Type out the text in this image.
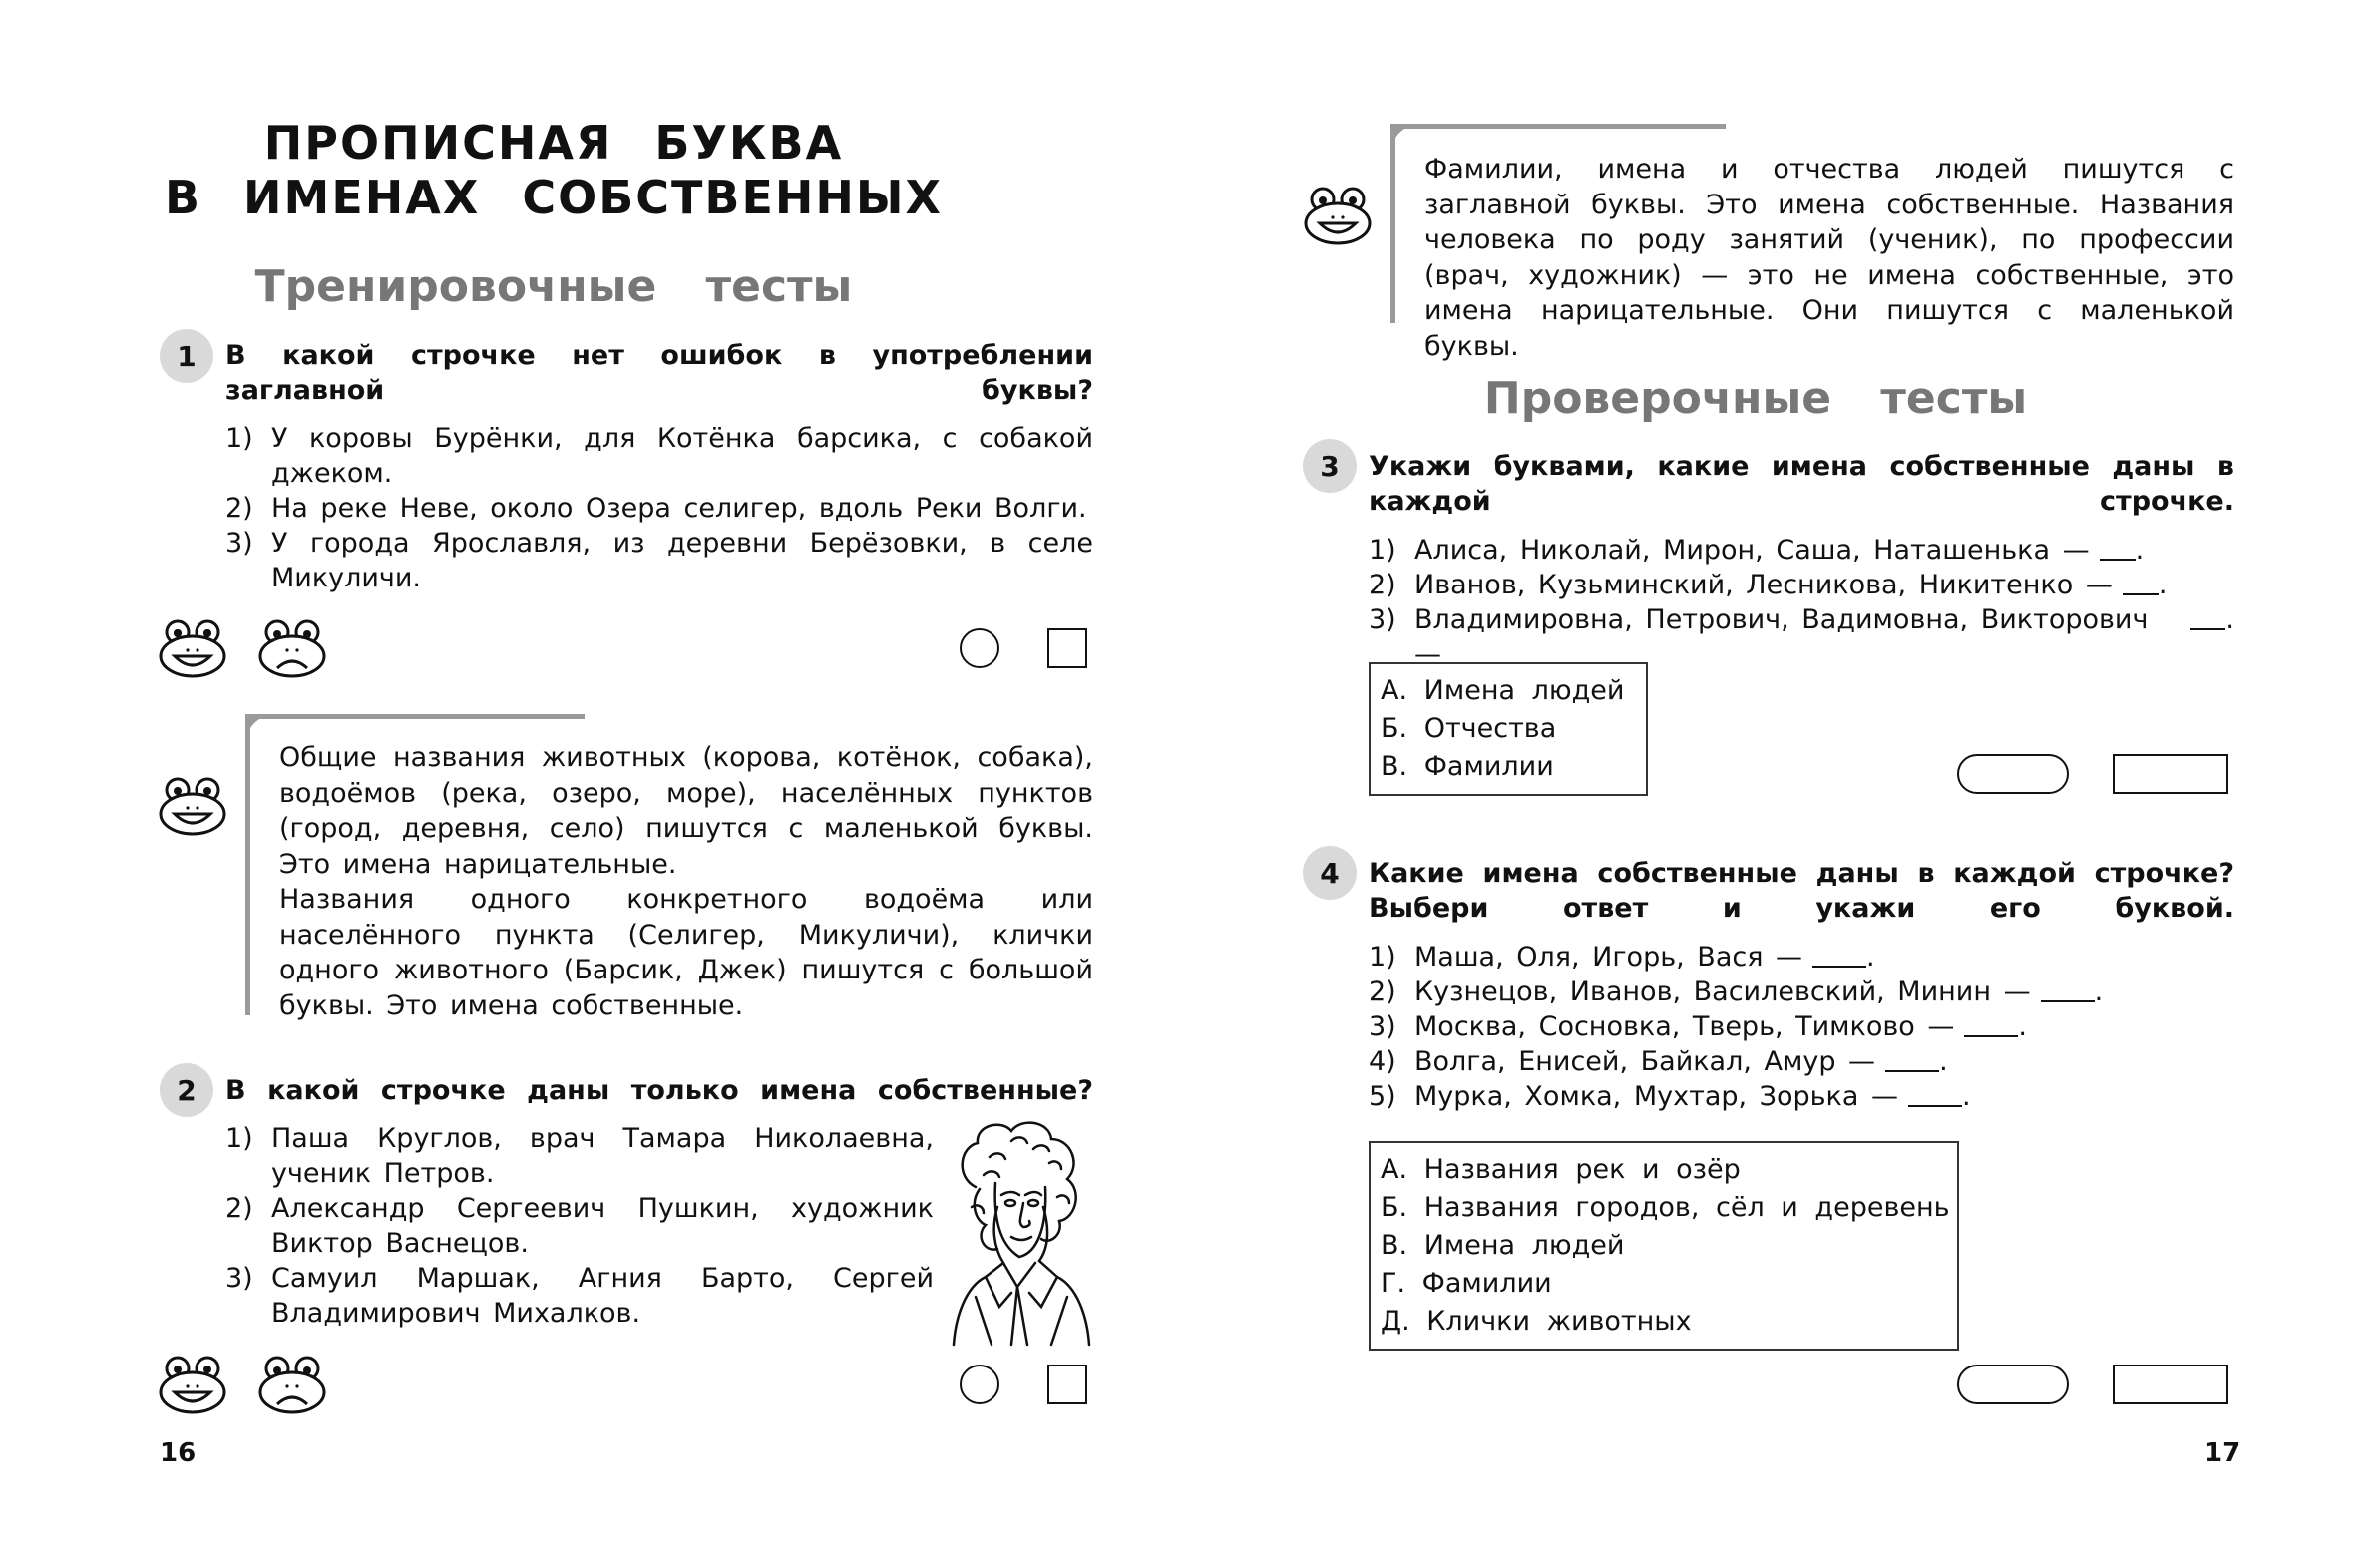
ПРОПИСНАЯ БУКВА
В ИМЕНАХ СОБСТВЕННЫХ
Тренировочные тесты
1	В какой строчке нет ошибок в употреблении заглавной буквы?
1) У коровы Бурёнки, для Котёнка барсика, с собакой джеком.
2) На реке Неве, около Озера селигер, вдоль Реки Волги.
3) У города Ярославля, из деревни Берёзовки, в селе Микуличи.

Общие названия животных (корова, котёнок, собака), водоёмов (река, озеро, море), населённых пунктов (город, деревня, село) пишутся с маленькой буквы. Это имена нарицательные.

Названия одного конкретного водоёма или населённого пункта (Селигер, Микуличи), клички одного животного (Барсик, Джек) пишутся с большой буквы. Это имена собственные.

2	В какой строчке даны только имена собственные?
1) Паша Круглов, врач Тамара Николаевна, ученик Петров.
2) Александр Сергеевич Пушкин, художник Виктор Васнецов.
3) Самуил Маршак, Агния Барто, Сергей Владимирович Михалков.
16
Фамилии, имена и отчества людей пишутся с заглавной буквы. Это имена собственные. Названия человека по роду занятий (ученик), по профессии (врач, художник) — это не имена собственные, это имена нарицательные. Они пишутся с маленькой буквы.
Проверочные тесты
3	Укажи буквами, какие имена собственные даны в каждой строчке.
1) Алиса, Николай, Мирон, Саша, Наташенька — .
2) Иванов, Кузьминский, Лесникова, Никитенко — .
3) Владимировна, Петрович, Вадимовна, Викторович —
.
А. Имена людей
Б. Отчества
В. Фамилии
4	Какие имена собственные даны в каждой строчке? Выбери ответ и укажи его буквой.
1) Маша, Оля, Игорь, Вася — .
2) Кузнецов, Иванов, Василевский, Минин — .
3) Москва, Сосновка, Тверь, Тимково — .
4) Волга, Енисей, Байкал, Амур — .
5) Мурка, Хомка, Мухтар, Зорька — .
А. Названия рек и озёр
Б. Названия городов, сёл и деревень
В. Имена людей
Г. Фамилии
Д. Клички животных
17
